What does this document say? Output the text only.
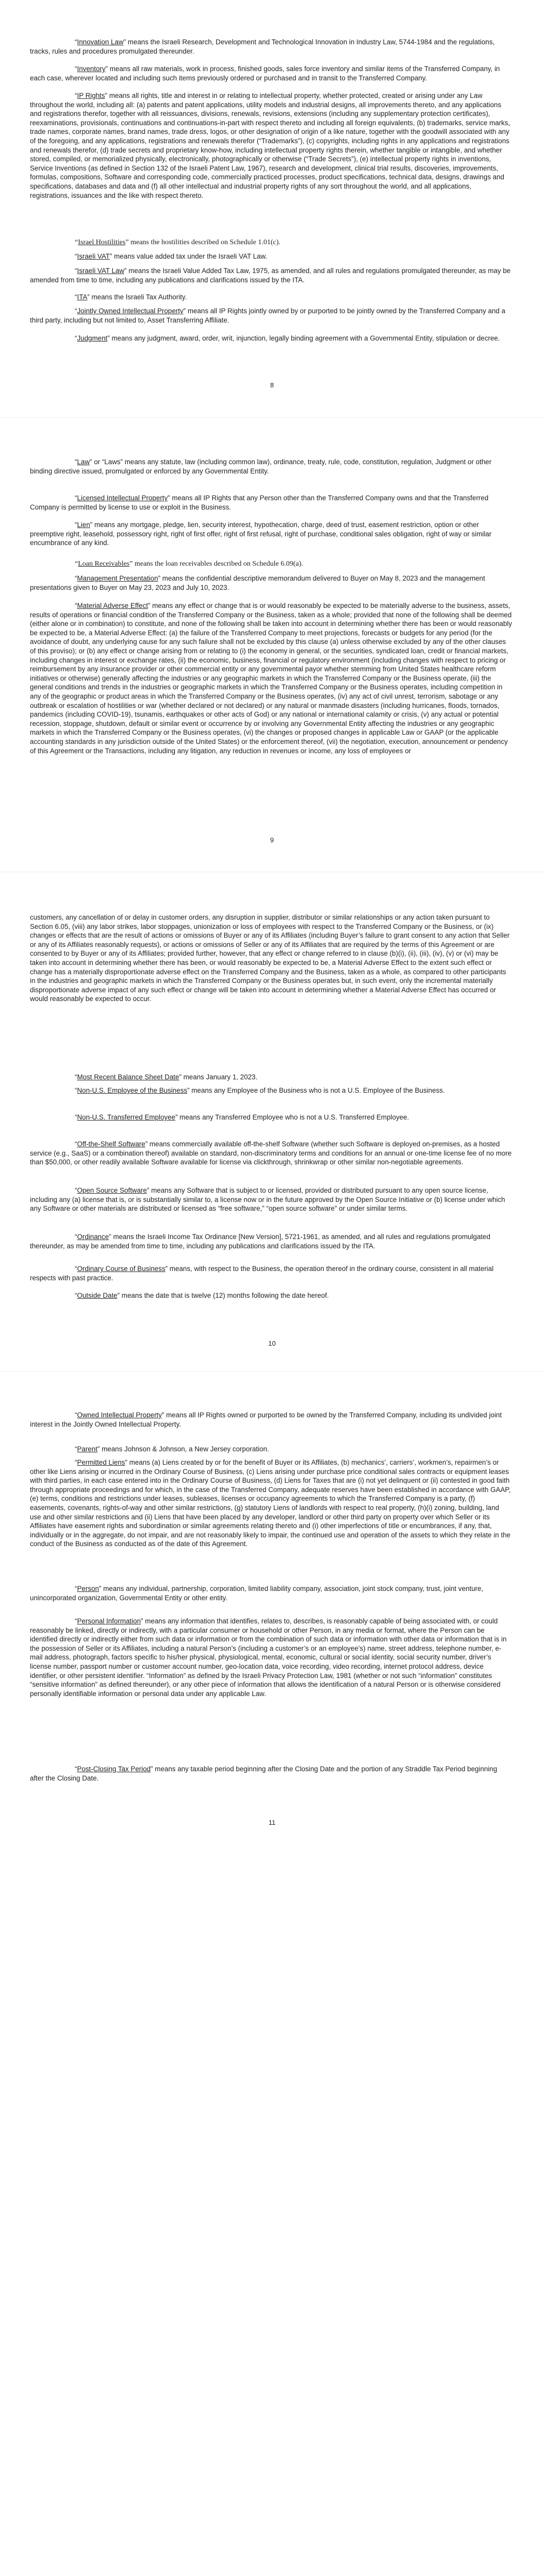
“Innovation Law” means the Israeli Research, Development and Technological Innovation in Industry Law, 5744-1984 and the regulations, tracks, rules and procedures promulgated thereunder.

“Inventory” means all raw materials, work in process, finished goods, sales force inventory and similar items of the Transferred Company, in each case, wherever located and including such items previously ordered or purchased and in transit to the Transferred Company.

“IP Rights” means all rights, title and interest in or relating to intellectual property, whether protected, created or arising under any Law throughout the world, including all: (a) patents and patent applications, utility models and industrial designs, all improvements thereto, and any applications and registrations therefor, together with all reissuances, divisions, renewals, revisions, extensions (including any supplementary protection certificates), reexaminations, provisionals, continuations and continuations-in-part with respect thereto and including all foreign equivalents, (b) trademarks, service marks, trade names, corporate names, brand names, trade dress, logos, or other designation of origin of a like nature, together with the goodwill associated with any of the foregoing, and any applications, registrations and renewals therefor (“Trademarks”), (c) copyrights, including rights in any applications and registrations and renewals therefor, (d) trade secrets and proprietary know-how, including intellectual property rights therein, whether tangible or intangible, and whether stored, compiled, or memorialized physically, electronically, photographically or otherwise (“Trade Secrets”), (e) intellectual property rights in inventions, Service Inventions (as defined in Section 132 of the Israeli Patent Law, 1967), research and development, clinical trial results, discoveries, improvements, formulas, compositions, Software and corresponding code, commercially practiced processes, product specifications, technical data, designs, drawings and specifications, databases and data and (f) all other intellectual and industrial property rights of any sort throughout the world, and all applications, registrations, issuances and the like with respect thereto.

“Israel Hostilities” means the hostilities described on Schedule 1.01(c).

“Israeli VAT” means value added tax under the Israeli VAT Law.

“Israeli VAT Law” means the Israeli Value Added Tax Law, 1975, as amended, and all rules and regulations promulgated thereunder, as may be amended from time to time, including any publications and clarifications issued by the ITA.

“ITA” means the Israeli Tax Authority.

“Jointly Owned Intellectual Property” means all IP Rights jointly owned by or purported to be jointly owned by the Transferred Company and a third party, including but not limited to, Asset Transferring Affiliate.

“Judgment” means any judgment, award, order, writ, injunction, legally binding agreement with a Governmental Entity, stipulation or decree.

8

“Law” or “Laws” means any statute, law (including common law), ordinance, treaty, rule, code, constitution, regulation, Judgment or other binding directive issued, promulgated or enforced by any Governmental Entity.

“Licensed Intellectual Property” means all IP Rights that any Person other than the Transferred Company owns and that the Transferred Company is permitted by license to use or exploit in the Business.

“Lien” means any mortgage, pledge, lien, security interest, hypothecation, charge, deed of trust, easement restriction, option or other preemptive right, leasehold, possessory right, right of first offer, right of first refusal, right of purchase, conditional sales obligation, right of way or similar encumbrance of any kind.

“Loan Receivables” means the loan receivables described on Schedule 6.09(a).

“Management Presentation” means the confidential descriptive memorandum delivered to Buyer on May 8, 2023 and the management presentations given to Buyer on May 23, 2023 and July 10, 2023.

“Material Adverse Effect” means any effect or change that is or would reasonably be expected to be materially adverse to the business, assets, results of operations or financial condition of the Transferred Company or the Business, taken as a whole; provided that none of the following shall be deemed (either alone or in combination) to constitute, and none of the following shall be taken into account in determining whether there has been or would reasonably be expected to be, a Material Adverse Effect: (a) the failure of the Transferred Company to meet projections, forecasts or budgets for any period (for the avoidance of doubt, any underlying cause for any such failure shall not be excluded by this clause (a) unless otherwise excluded by any of the other clauses of this proviso); or (b) any effect or change arising from or relating to (i) the economy in general, or the securities, syndicated loan, credit or financial markets, including changes in interest or exchange rates, (ii) the economic, business, financial or regulatory environment (including changes with respect to pricing or reimbursement by any insurance provider or other commercial entity or any governmental payor whether stemming from United States healthcare reform initiatives or otherwise) generally affecting the industries or any geographic markets in which the Transferred Company or the Business operate, (iii) the general conditions and trends in the industries or geographic markets in which the Transferred Company or the Business operates, including competition in any of the geographic or product areas in which the Transferred Company or the Business operates, (iv) any act of civil unrest, terrorism, sabotage or any outbreak or escalation of hostilities or war (whether declared or not declared) or any natural or manmade disasters (including hurricanes, floods, tornados, pandemics (including COVID-19), tsunamis, earthquakes or other acts of God) or any national or international calamity or crisis, (v) any actual or potential recession, stoppage, shutdown, default or similar event or occurrence by or involving any Governmental Entity affecting the industries or any geographic markets in which the Transferred Company or the Business operates, (vi) the changes or proposed changes in applicable Law or GAAP (or the applicable accounting standards in any jurisdiction outside of the United States) or the enforcement thereof, (vii) the negotiation, execution, announcement or pendency of this Agreement or the Transactions, including any litigation, any reduction in revenues or income, any loss of employees or

9

customers, any cancellation of or delay in customer orders, any disruption in supplier, distributor or similar relationships or any action taken pursuant to Section 6.05, (viii) any labor strikes, labor stoppages, unionization or loss of employees with respect to the Transferred Company or the Business, or (ix) changes or effects that are the result of actions or omissions of Buyer or any of its Affiliates (including Buyer’s failure to grant consent to any action that Seller or any of its Affiliates reasonably requests), or actions or omissions of Seller or any of its Affiliates that are required by the terms of this Agreement or are consented to by Buyer or any of its Affiliates; provided further, however, that any effect or change referred to in clause (b)(i), (ii), (iii), (iv), (v) or (vi) may be taken into account in determining whether there has been, or would reasonably be expected to be, a Material Adverse Effect to the extent such effect or change has a materially disproportionate adverse effect on the Transferred Company and the Business, taken as a whole, as compared to other participants in the industries and geographic markets in which the Transferred Company or the Business operates but, in such event, only the incremental materially disproportionate adverse impact of any such effect or change will be taken into account in determining whether a Material Adverse Effect has occurred or would reasonably be expected to occur.

“Most Recent Balance Sheet Date” means January 1, 2023.

“Non-U.S. Employee of the Business” means any Employee of the Business who is not a U.S. Employee of the Business.

“Non-U.S. Transferred Employee” means any Transferred Employee who is not a U.S. Transferred Employee.

“Off-the-Shelf Software” means commercially available off-the-shelf Software (whether such Software is deployed on-premises, as a hosted service (e.g., SaaS) or a combination thereof) available on standard, non-discriminatory terms and conditions for an annual or one-time license fee of no more than $50,000, or other readily available Software available for license via clickthrough, shrinkwrap or other similar non-negotiable agreements.

“Open Source Software” means any Software that is subject to or licensed, provided or distributed pursuant to any open source license, including any (a) license that is, or is substantially similar to, a license now or in the future approved by the Open Source Initiative or (b) license under which any Software or other materials are distributed or licensed as “free software,” “open source software” or under similar terms.

“Ordinance” means the Israeli Income Tax Ordinance [New Version], 5721-1961, as amended, and all rules and regulations promulgated thereunder, as may be amended from time to time, including any publications and clarifications issued by the ITA.

“Ordinary Course of Business” means, with respect to the Business, the operation thereof in the ordinary course, consistent in all material respects with past practice.

“Outside Date” means the date that is twelve (12) months following the date hereof.

10

“Owned Intellectual Property” means all IP Rights owned or purported to be owned by the Transferred Company, including its undivided joint interest in the Jointly Owned Intellectual Property.

“Parent” means Johnson & Johnson, a New Jersey corporation.

“Permitted Liens” means (a) Liens created by or for the benefit of Buyer or its Affiliates, (b) mechanics’, carriers’, workmen’s, repairmen’s or other like Liens arising or incurred in the Ordinary Course of Business, (c) Liens arising under purchase price conditional sales contracts or equipment leases with third parties, in each case entered into in the Ordinary Course of Business, (d) Liens for Taxes that are (i) not yet delinquent or (ii) contested in good faith through appropriate proceedings and for which, in the case of the Transferred Company, adequate reserves have been established in accordance with GAAP, (e) terms, conditions and restrictions under leases, subleases, licenses or occupancy agreements to which the Transferred Company is a party, (f) easements, covenants, rights-of-way and other similar restrictions, (g) statutory Liens of landlords with respect to real property, (h)(i) zoning, building, land use and other similar restrictions and (ii) Liens that have been placed by any developer, landlord or other third party on property over which Seller or its Affiliates have easement rights and subordination or similar agreements relating thereto and (i) other imperfections of title or encumbrances, if any, that, individually or in the aggregate, do not impair, and are not reasonably likely to impair, the continued use and operation of the assets to which they relate in the conduct of the Business as conducted as of the date of this Agreement.

“Person” means any individual, partnership, corporation, limited liability company, association, joint stock company, trust, joint venture, unincorporated organization, Governmental Entity or other entity.

“Personal Information” means any information that identifies, relates to, describes, is reasonably capable of being associated with, or could reasonably be linked, directly or indirectly, with a particular consumer or household or other Person, in any media or format, where the Person can be identified directly or indirectly either from such data or information or from the combination of such data or information with other data or information that is in the possession of Seller or its Affiliates, including a natural Person’s (including a customer’s or an employee’s) name, street address, telephone number, e-mail address, photograph, factors specific to his/her physical, physiological, mental, economic, cultural or social identity, social security number, driver’s license number, passport number or customer account number, geo-location data, voice recording, video recording, internet protocol address, device identifier, or other persistent identifier. “Information” as defined by the Israeli Privacy Protection Law, 1981 (whether or not such “information” constitutes “sensitive information” as defined thereunder), or any other piece of information that allows the identification of a natural Person or is otherwise considered personally identifiable information or personal data under any applicable Law.

“Post-Closing Tax Period” means any taxable period beginning after the Closing Date and the portion of any Straddle Tax Period beginning after the Closing Date.

11
